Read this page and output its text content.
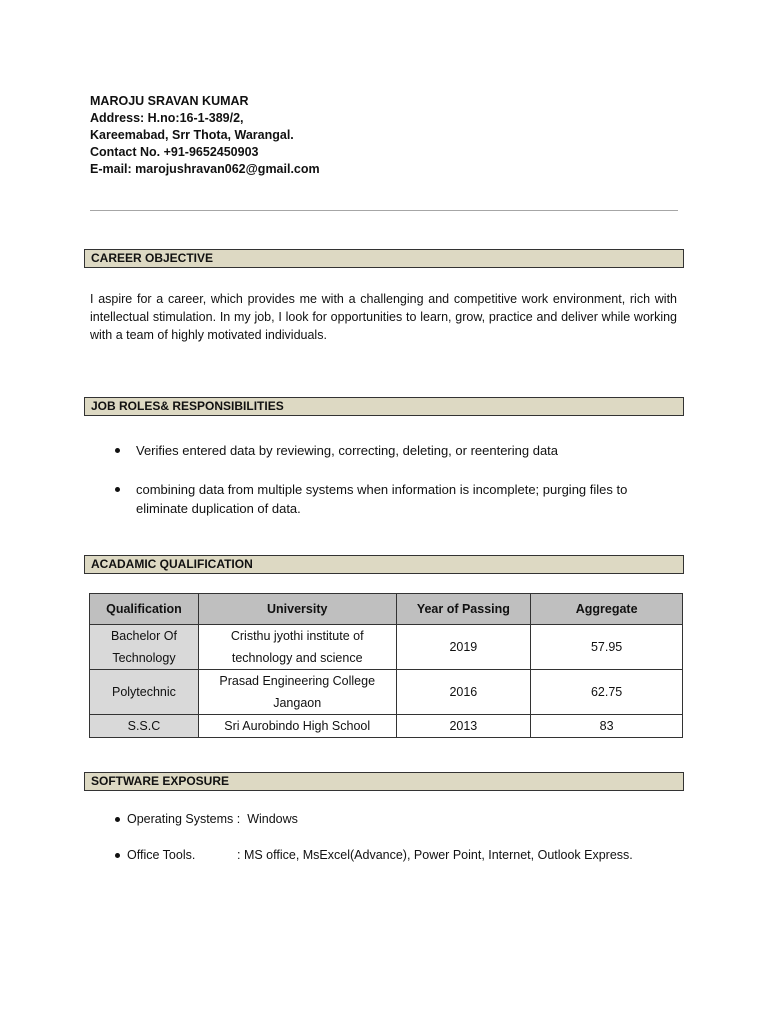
MAROJU SRAVAN KUMAR
Address: H.no:16-1-389/2,
Kareemabad, Srr Thota, Warangal.
Contact No. +91-9652450903
E-mail: marojushravan062@gmail.com
CAREER OBJECTIVE
I aspire for a career, which provides me with a challenging and competitive work environment, rich with intellectual stimulation. In my job, I look for opportunities to learn, grow, practice and deliver while working with a team of highly motivated individuals.
JOB ROLES& RESPONSIBILITIES
Verifies entered data by reviewing, correcting, deleting, or reentering data
combining data from multiple systems when information is incomplete; purging files to eliminate duplication of data.
ACADAMIC QUALIFICATION
Qualification	University	Year of Passing	Aggregate
Bachelor Of Technology	Cristhu jyothi institute of technology and science	2019	57.95
Polytechnic	Prasad Engineering College Jangaon	2016	62.75
S.S.C	Sri Aurobindo High School	2013	83
SOFTWARE EXPOSURE
Operating Systems :  Windows
Office Tools.	: MS office, MsExcel(Advance), Power Point, Internet, Outlook Express.
